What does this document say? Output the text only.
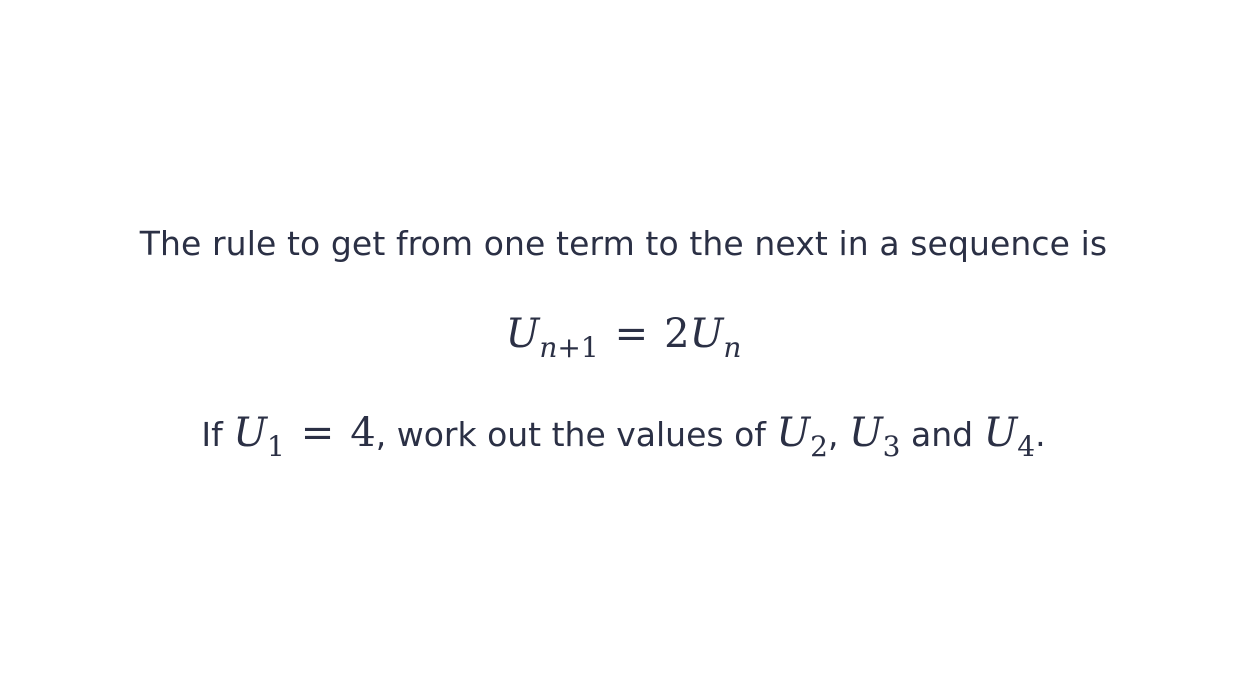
The rule to get from one term to the next in a sequence is
$U_{n+1} = 2U_n$
If $U_1 = 4$, work out the values of $U_2$, $U_3$ and $U_4$.
